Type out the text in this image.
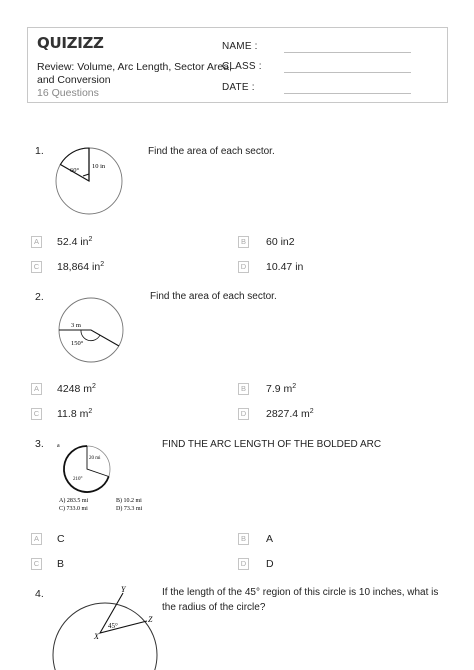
QUIZIZZ
Review: Volume, Arc Length, Sector Area, and Conversion
16 Questions
NAME :
CLASS :
DATE :
1.	Find the area of each sector.
60°
10 in
A 52.4 $in^2$	B 60 in2
C 18,864 $in^2$	D 10.47 in
2.	Find the area of each sector.
3 m
150°
A 4248 $m^2$	B 7.9 $m^2$
C 11.8 $m^2$	D 2827.4 $m^2$
3.	FIND THE ARC LENGTH OF THE BOLDED ARC
20 mi
210°
a
A) 283.5 mi	B) 10.2 mi
C) 733.0 mi	D) 73.3 mi
A C	B A
C B	D D
4.	If the length of the 45° region of this circle is 10 inches, what is the radius of the circle?
Y
Z
X
45°
